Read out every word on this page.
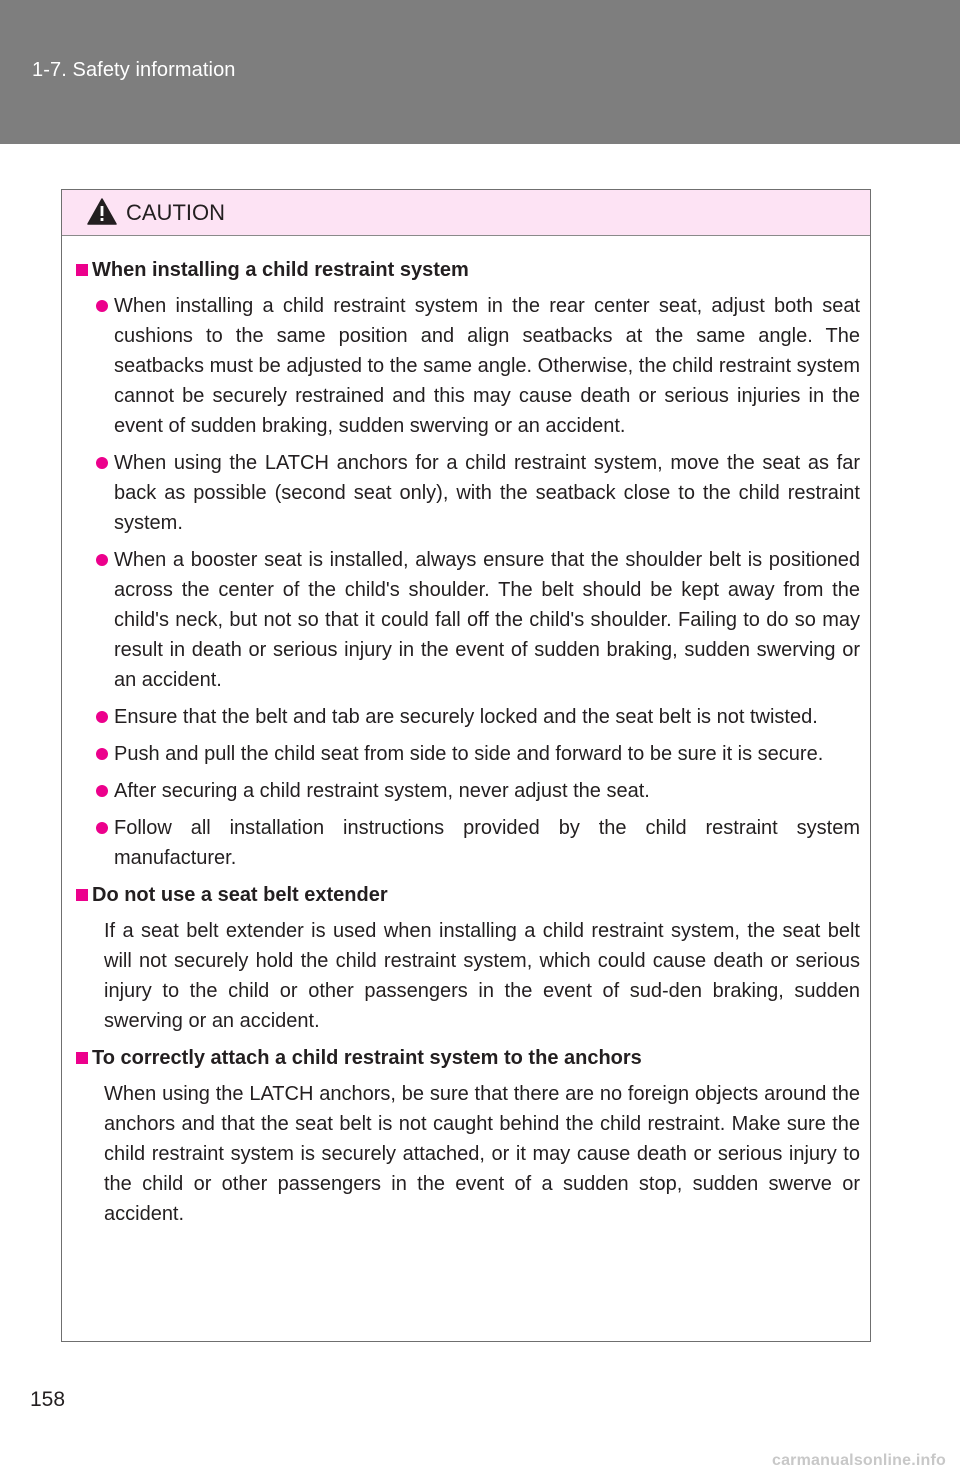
1-7. Safety information
CAUTION
When installing a child restraint system
When installing a child restraint system in the rear center seat, adjust both seat cushions to the same position and align seatbacks at the same angle. The seatbacks must be adjusted to the same angle. Otherwise, the child restraint system cannot be securely restrained and this may cause death or serious injuries in the event of sudden braking, sudden swerving or an accident.
When using the LATCH anchors for a child restraint system, move the seat as far back as possible (second seat only), with the seatback close to the child restraint system.
When a booster seat is installed, always ensure that the shoulder belt is positioned across the center of the child's shoulder. The belt should be kept away from the child's neck, but not so that it could fall off the child's shoulder. Failing to do so may result in death or serious injury in the event of sudden braking, sudden swerving or an accident.
Ensure that the belt and tab are securely locked and the seat belt is not twisted.
Push and pull the child seat from side to side and forward to be sure it is secure.
After securing a child restraint system, never adjust the seat.
Follow all installation instructions provided by the child restraint system manufacturer.
Do not use a seat belt extender

If a seat belt extender is used when installing a child restraint system, the seat belt will not securely hold the child restraint system, which could cause death or serious injury to the child or other passengers in the event of sud-den braking, sudden swerving or an accident.

To correctly attach a child restraint system to the anchors

When using the LATCH anchors, be sure that there are no foreign objects around the anchors and that the seat belt is not caught behind the child restraint. Make sure the child restraint system is securely attached, or it may cause death or serious injury to the child or other passengers in the event of a sudden stop, sudden swerve or accident.

158
carmanualsonline.info
